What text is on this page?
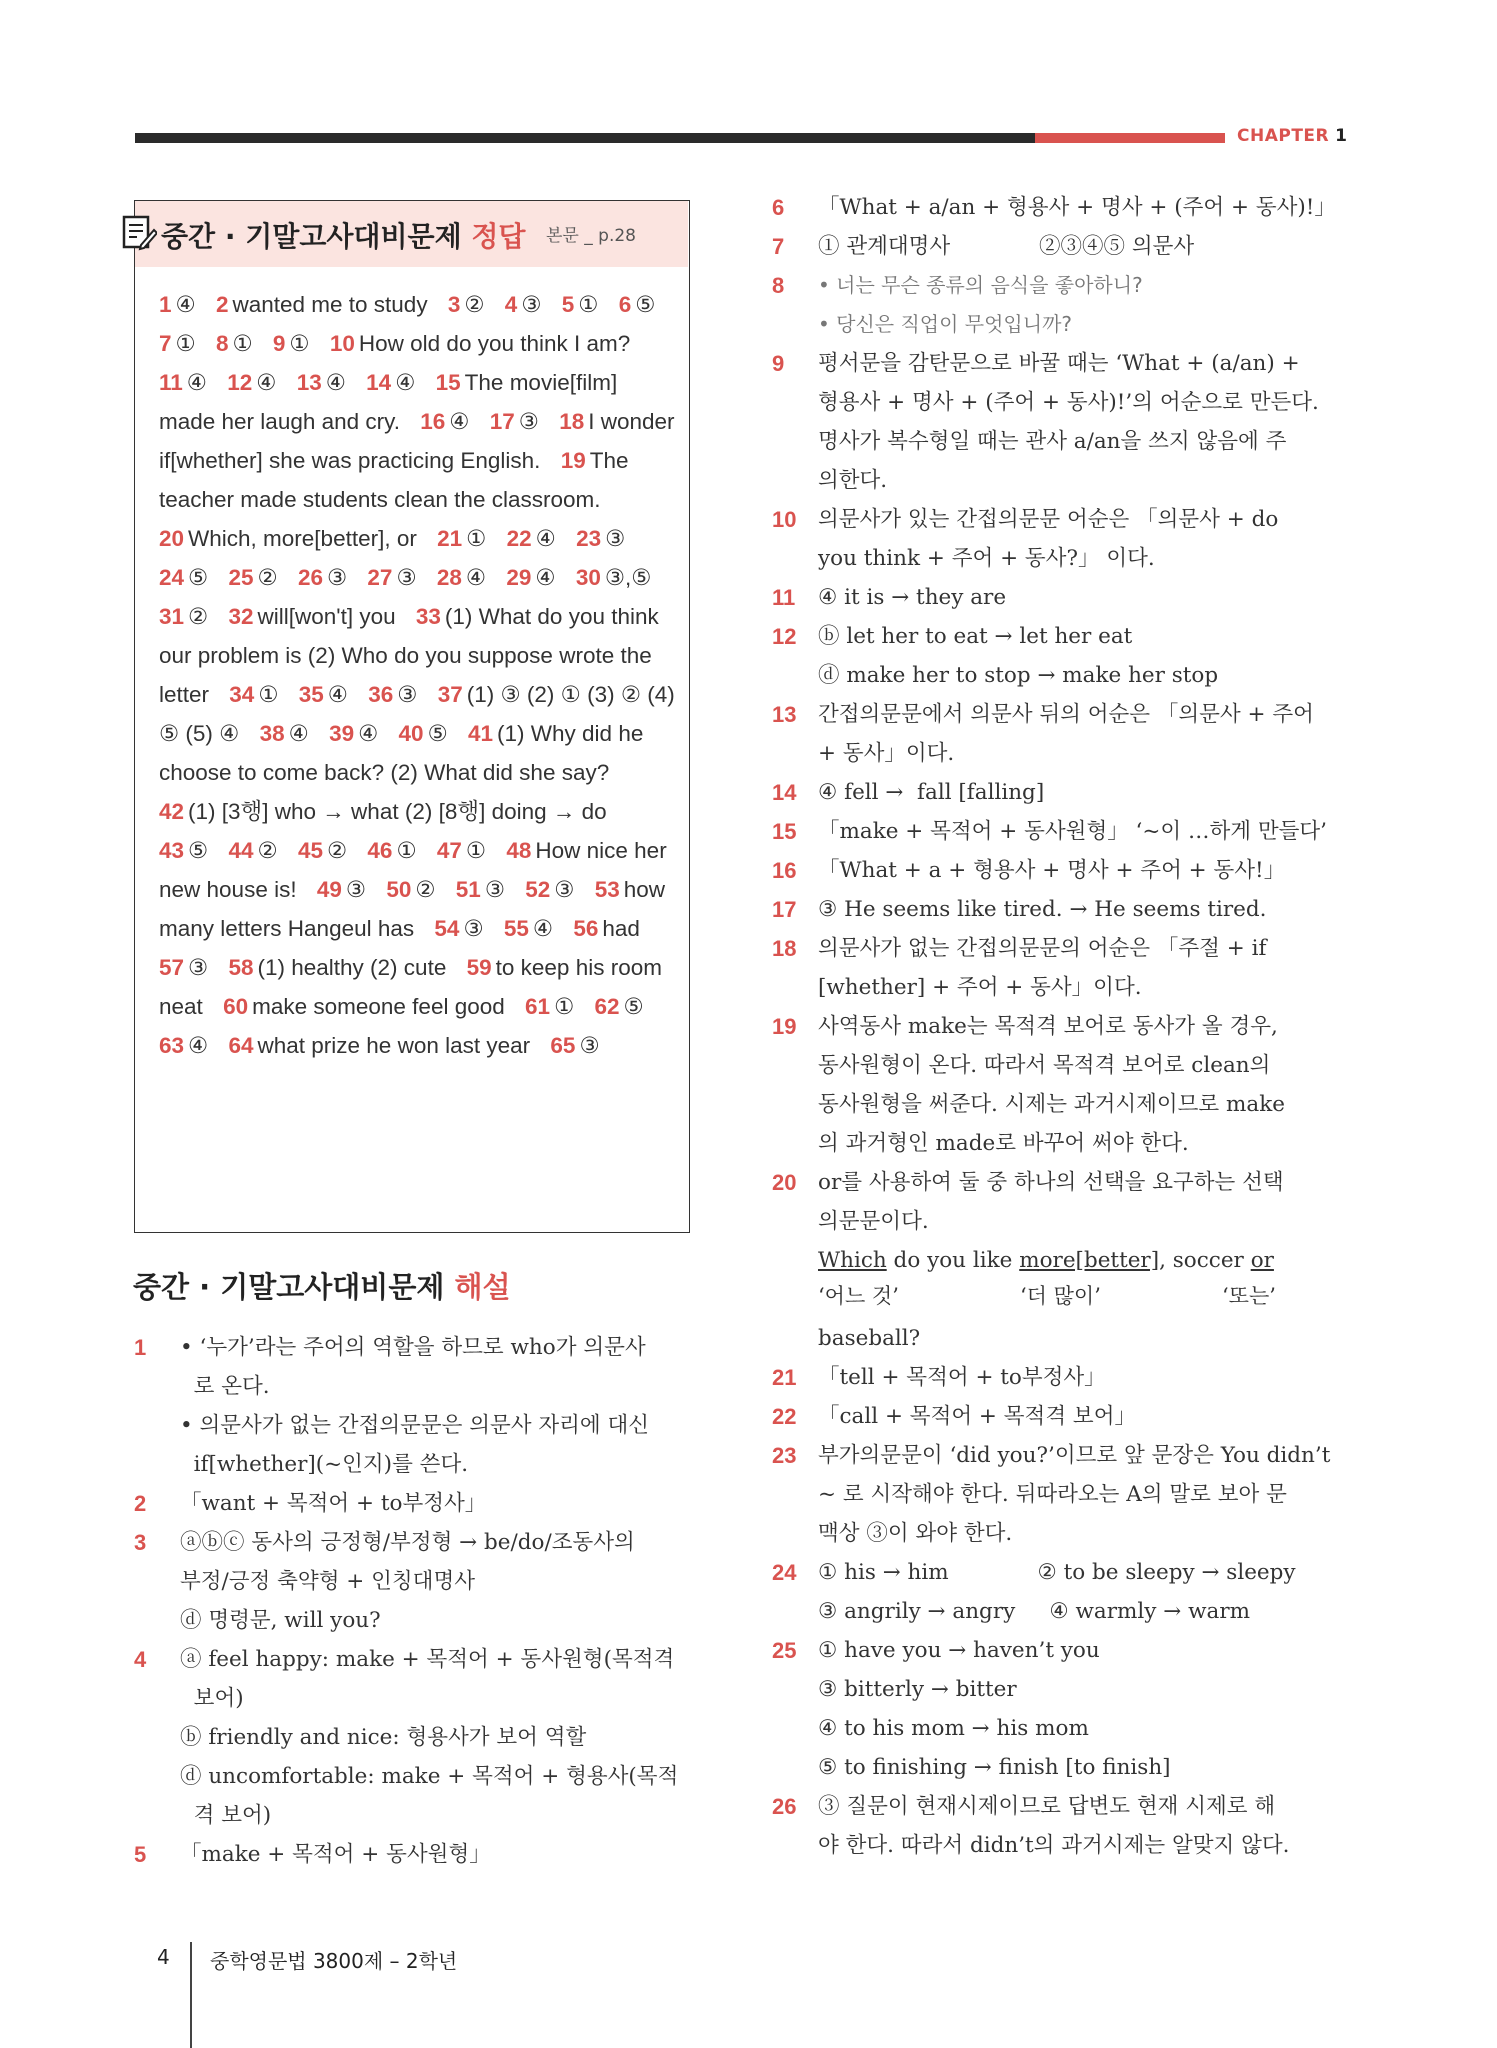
CHAPTER 1
중간 · 기말고사대비문제 정답 본문 _ p.28
1 ④ 2 wanted me to study 3 ② 4 ③ 5 ① 6 ⑤ 7 ① 8 ① 9 ① 10 How old do you think I am? 11 ④ 12 ④ 13 ④ 14 ④ 15 The movie[film] made her laugh and cry. 16 ④ 17 ③ 18 I wonder if[whether] she was practicing English. 19 The teacher made students clean the classroom. 20 Which, more[better], or 21 ① 22 ④ 23 ③ 24 ⑤ 25 ② 26 ③ 27 ③ 28 ④ 29 ④ 30 ③,⑤ 31 ② 32 will[won't] you 33 (1) What do you think our problem is (2) Who do you suppose wrote the letter 34 ① 35 ④ 36 ③ 37 (1) ③ (2) ① (3) ② (4) ⑤ (5) ④ 38 ④ 39 ④ 40 ⑤ 41 (1) Why did he choose to come back? (2) What did she say? 42 (1) [3행] who → what (2) [8행] doing → do 43 ⑤ 44 ② 45 ② 46 ① 47 ① 48 How nice her new house is! 49 ③ 50 ② 51 ③ 52 ③ 53 how many letters Hangeul has 54 ③ 55 ④ 56 had 57 ③ 58 (1) healthy (2) cute 59 to keep his room neat 60 make someone feel good 61 ① 62 ⑤ 63 ④ 64 what prize he won last year 65 ③
중간 · 기말고사대비문제 해설
1 • ‘누가’라는 주어의 역할을 하므로 who가 의문사
로 온다.
• 의문사가 없는 간접의문문은 의문사 자리에 대신
if[whether](~인지)를 쓴다.
2 「want + 목적어 + to부정사」
3 ⓐⓑⓒ 동사의 긍정형/부정형 → be/do/조동사의
부정/긍정 축약형 + 인칭대명사
ⓓ 명령문, will you?
4 ⓐ feel happy: make + 목적어 + 동사원형(목적격
보어)
ⓑ friendly and nice: 형용사가 보어 역할
ⓓ uncomfortable: make + 목적어 + 형용사(목적
격 보어)
5 「make + 목적어 + 동사원형」
6 「What + a/an + 형용사 + 명사 + (주어 + 동사)!」
7 ① 관계대명사             ②③④⑤ 의문사
8 • 너는 무슨 종류의 음식을 좋아하니?
• 당신은 직업이 무엇입니까?
9 평서문을 감탄문으로 바꿀 때는 ‘What + (a/an) +
형용사 + 명사 + (주어 + 동사)!’의 어순으로 만든다.
명사가 복수형일 때는 관사 a/an을 쓰지 않음에 주
의한다.
10 의문사가 있는 간접의문문 어순은 「의문사 + do
you think + 주어 + 동사?」 이다.
11 ④ it is → they are
12 ⓑ let her to eat → let her eat
ⓓ make her to stop → make her stop
13 간접의문문에서 의문사 뒤의 어순은 「의문사 + 주어
+ 동사」이다.
14 ④ fell →  fall [falling]
15 「make + 목적어 + 동사원형」 ‘~이 …하게 만들다’
16 「What + a + 형용사 + 명사 + 주어 + 동사!」
17 ③ He seems like tired. → He seems tired.
18 의문사가 없는 간접의문문의 어순은 「주절 + if
[whether] + 주어 + 동사」이다.
19 사역동사 make는 목적격 보어로 동사가 올 경우,
동사원형이 온다. 따라서 목적격 보어로 clean의
동사원형을 써준다. 시제는 과거시제이므로 make
의 과거형인 made로 바꾸어 써야 한다.
20 or를 사용하여 둘 중 하나의 선택을 요구하는 선택
의문문이다.
Which do you like more[better], soccer or
‘어느 것’	‘더 많이’	‘또는’
baseball?
21 「tell + 목적어 + to부정사」
22 「call + 목적어 + 목적격 보어」
23 부가의문문이 ‘did you?’이므로 앞 문장은 You didn’t
~ 로 시작해야 한다. 뒤따라오는 A의 말로 보아 문
맥상 ③이 와야 한다.
24 ① his → him             ② to be sleepy → sleepy
③ angrily → angry     ④ warmly → warm
25 ① have you → haven’t you
③ bitterly → bitter
④ to his mom → his mom
⑤ to finishing → finish [to finish]
26 ③ 질문이 현재시제이므로 답변도 현재 시제로 해
야 한다. 따라서 didn’t의 과거시제는 알맞지 않다.
4 중학영문법 3800제 – 2학년
